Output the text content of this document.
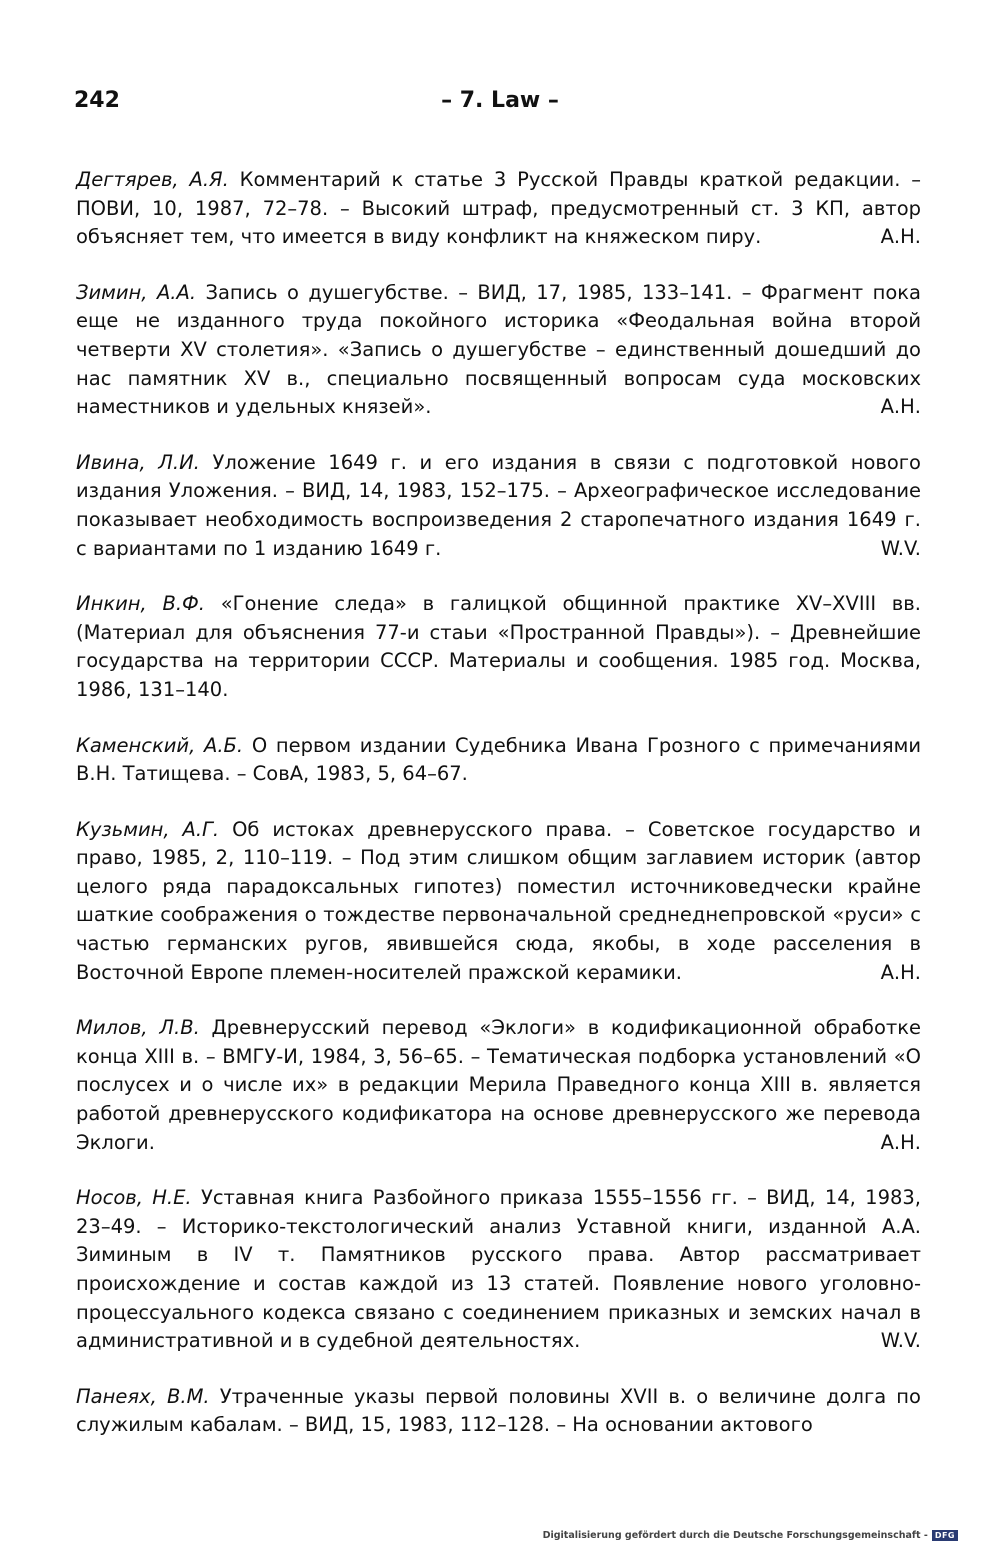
242	– 7. Law –

Дегтярев, А.Я. Комментарий к статье 3 Русской Правды краткой редакции. – ПОВИ, 10, 1987, 72–78. – Высокий штраф, предусмотренный ст. 3 КП, автор объясняет тем, что имеется в виду конфликт на княжеском пиру.	А.Н.

Зимин, А.А. Запись о душегубстве. – ВИД, 17, 1985, 133–141. – Фрагмент пока еще не изданного труда покойного историка «Феодальная война второй четверти XV столетия». «Запись о душегубстве – единственный дошедший до нас памятник XV в., специально посвященный вопросам суда московских наместников и удельных князей».	А.Н.

Ивина, Л.И. Уложение 1649 г. и его издания в связи с подготовкой нового издания Уложения. – ВИД, 14, 1983, 152–175. – Археографическое исследование показывает необходимость воспроизведения 2 старопечатного издания 1649 г. с вариантами по 1 изданию 1649 г.	W.V.

Инкин, В.Ф. «Гонение следа» в галицкой общинной практике XV–XVIII вв. (Материал для объяснения 77-и стаьи «Пространной Правды»). – Древнейшие государства на территории СССР. Материалы и сообщения. 1985 год. Москва, 1986, 131–140.

Каменский, А.Б. О первом издании Судебника Ивана Грозного с примечаниями В.Н. Татищева. – СовА, 1983, 5, 64–67.

Кузьмин, А.Г. Об истоках древнерусского права. – Советское государство и право, 1985, 2, 110–119. – Под этим слишком общим заглавием историк (автор целого ряда парадоксальных гипотез) поместил источниковедчески крайне шаткие соображения о тождестве первоначальной среднеднепровской «руси» с частью германских ругов, явившейся сюда, якобы, в ходе расселения в Восточной Европе племен-носителей пражской керамики.	А.Н.

Милов, Л.В. Древнерусский перевод «Эклоги» в кодификационной обработке конца XIII в. – ВМГУ-И, 1984, 3, 56–65. – Тематическая подборка установлений «О послусех и о числе их» в редакции Мерила Праведного конца XIII в. является работой древнерусского кодификатора на основе древнерусского же перевода Эклоги.	А.Н.

Носов, Н.Е. Уставная книга Разбойного приказа 1555–1556 гг. – ВИД, 14, 1983, 23–49. – Историко-текстологический анализ Уставной книги, изданной А.А. Зиминым в IV т. Памятников русского права. Автор рассматривает происхождение и состав каждой из 13 статей. Появление нового уголовно-процессуального кодекса связано с соединением приказных и земских начал в административной и в судебной деятельностях.	W.V.

Панеях, В.М. Утраченные указы первой половины XVII в. о величине долга по служилым кабалам. – ВИД, 15, 1983, 112–128. – На основании актового

Digitalisierung gefördert durch die Deutsche Forschungsgemeinschaft - DFG
